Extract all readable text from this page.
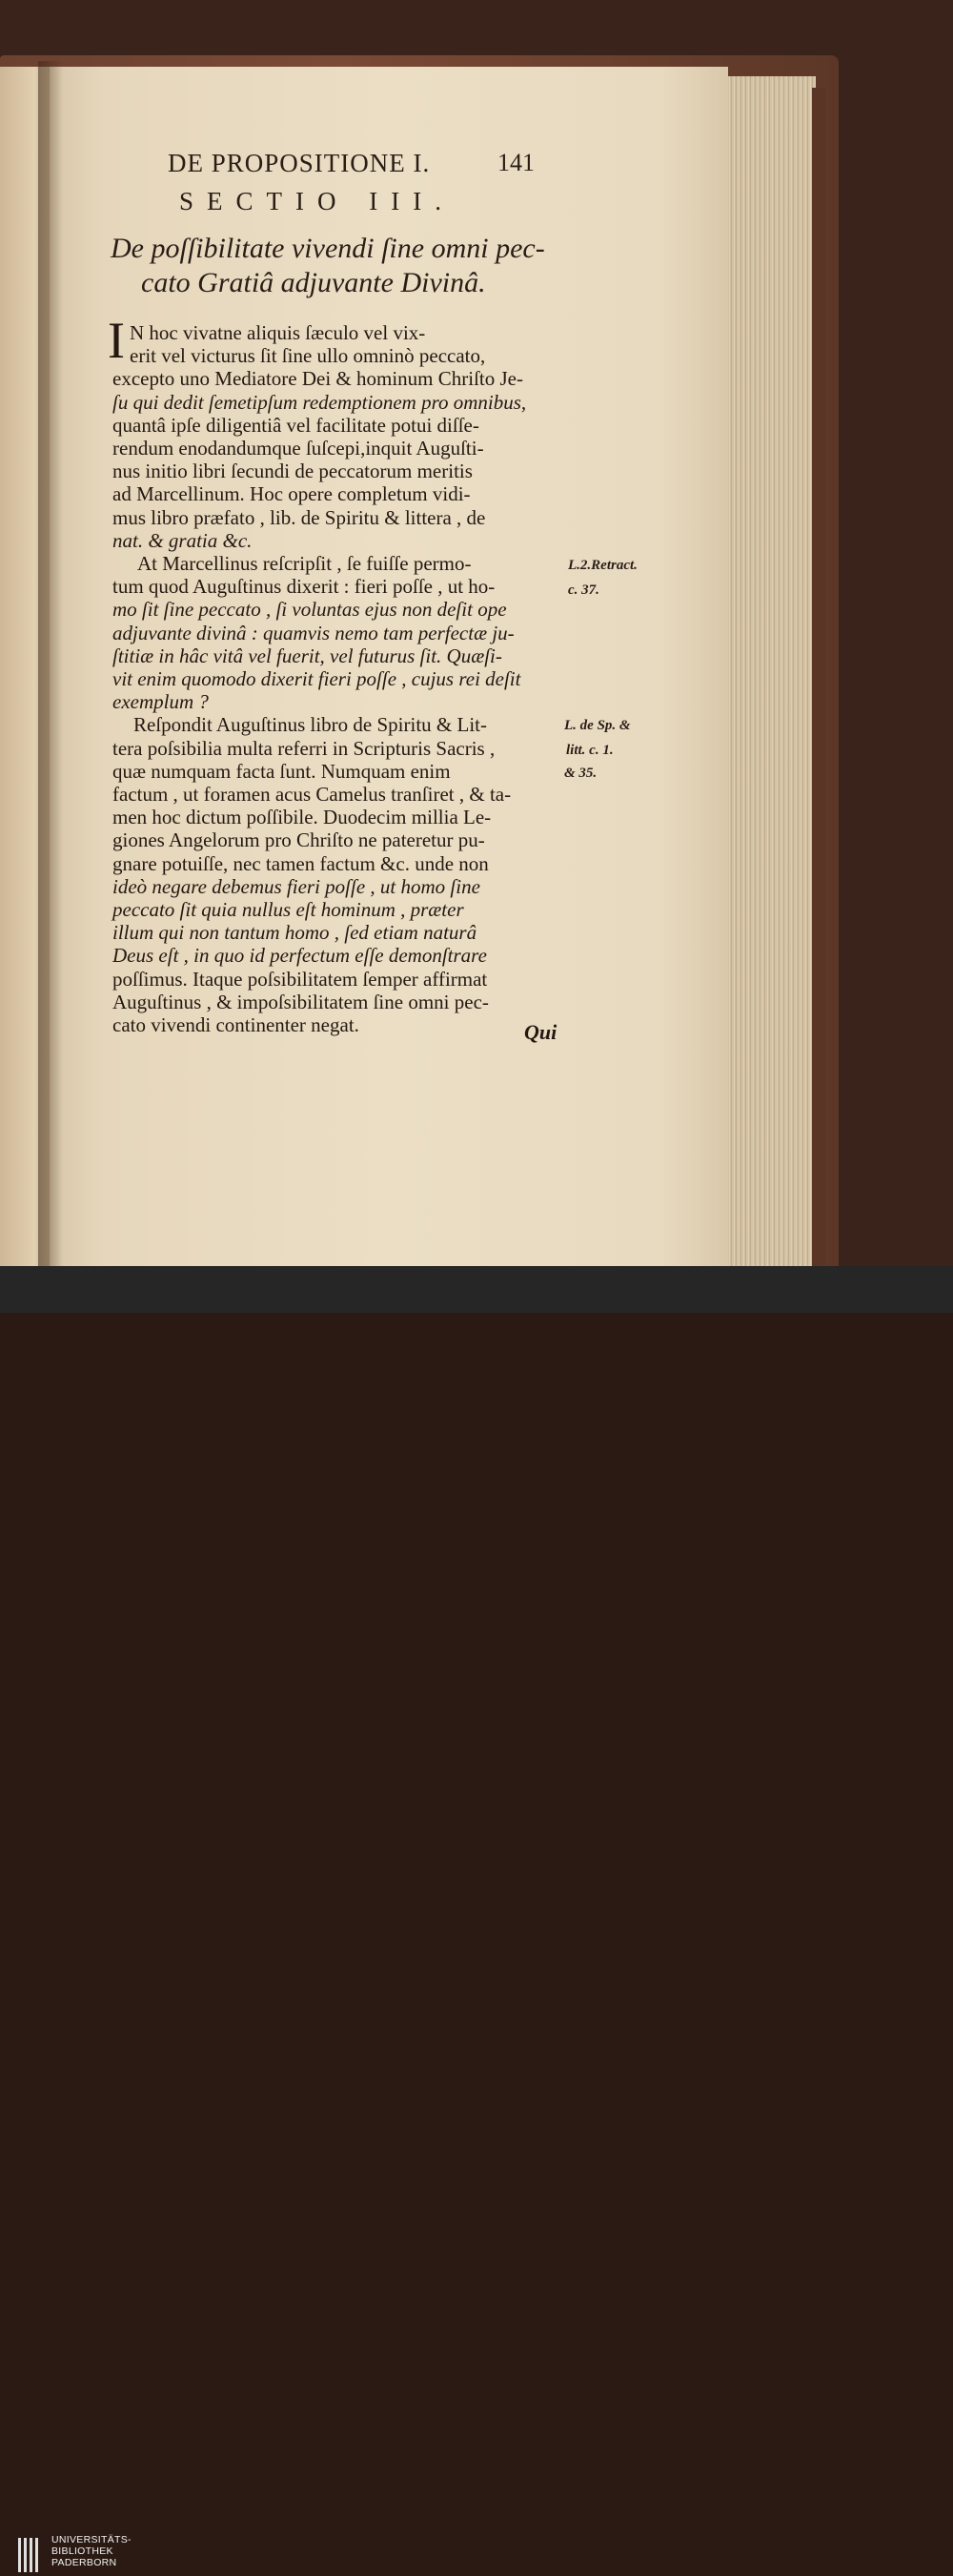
DE PROPOSITIONE I.	141
SECTIO III.
De poſſibilitate vivendi ſine omni pec-
cato Gratiâ adjuvante Divinâ.
I N hoc vivatne aliquis ſæculo vel vix-
erit vel victurus ſit ſine ullo omninò peccato,
excepto uno Mediatore Dei & hominum Chriſto Je-
ſu qui dedit ſemetipſum redemptionem pro omnibus,
quantâ ipſe diligentiâ vel facilitate potui diſſe-
rendum enodandumque ſuſcepi,inquit Auguſti-
nus initio libri ſecundi de peccatorum meritis
ad Marcellinum. Hoc opere completum vidi-
mus libro præfato , lib. de Spiritu & littera , de
nat. & gratia &c.
At Marcellinus reſcripſit , ſe fuiſſe permo-
tum quod Auguſtinus dixerit : fieri poſſe , ut ho-
mo ſit ſine peccato , ſi voluntas ejus non deſit ope
adjuvante divinâ : quamvis nemo tam perfectæ ju-
ſtitiæ in hâc vitâ vel fuerit, vel futurus ſit. Quæſi-
vit enim quomodo dixerit fieri poſſe , cujus rei deſit
exemplum ?
Reſpondit Auguſtinus libro de Spiritu & Lit-
tera poſsibilia multa referri in Scripturis Sacris ,
quæ numquam facta ſunt. Numquam enim
factum , ut foramen acus Camelus tranſiret , & ta-
men hoc dictum poſſibile. Duodecim millia Le-
giones Angelorum pro Chriſto ne pateretur pu-
gnare potuiſſe, nec tamen factum &c. unde non
ideò negare debemus fieri poſſe , ut homo ſine
peccato ſit quia nullus eſt hominum , præter
illum qui non tantum homo , ſed etiam naturâ
Deus eſt , in quo id perfectum eſſe demonſtrare
poſſimus. Itaque poſsibilitatem ſemper affirmat
Auguſtinus , & impoſsibilitatem ſine omni pec-
cato vivendi continenter negat.	Qui
L.2.Retract.
c. 37.
L. de Sp. &
litt. c. 1.
& 35.
UNIVERSITÄTS-
BIBLIOTHEK
PADERBORN
